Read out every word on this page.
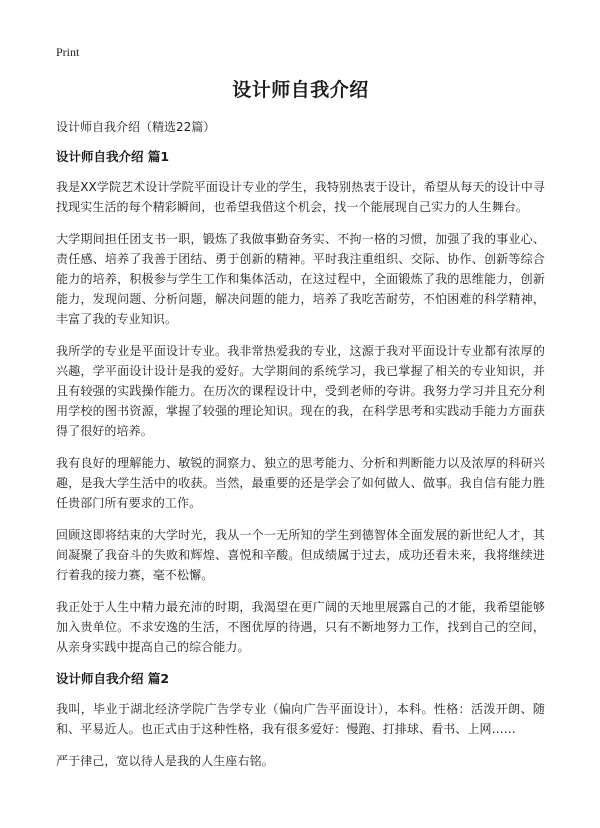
Print
设计师自我介绍
设计师自我介绍（精选22篇）
设计师自我介绍 篇1

我是XX学院艺术设计学院平面设计专业的学生，我特别热衷于设计，希望从每天的设计中寻找现实生活的每个精彩瞬间，也希望我借这个机会，找一个能展现自己实力的人生舞台。

大学期间担任团支书一职，锻炼了我做事勤奋务实、不拘一格的习惯，加强了我的事业心、责任感、培养了我善于团结、勇于创新的精神。平时我注重组织、交际、协作、创新等综合能力的培养，积极参与学生工作和集体活动，在这过程中，全面锻炼了我的思维能力，创新能力，发现问题、分析问题，解决问题的能力，培养了我吃苦耐劳，不怕困难的科学精神，丰富了我的专业知识。

我所学的专业是平面设计专业。我非常热爱我的专业，这源于我对平面设计专业都有浓厚的兴趣，学平面设计设计是我的爱好。大学期间的系统学习，我已掌握了相关的专业知识，并且有较强的实践操作能力。在历次的课程设计中，受到老师的夸讲。我努力学习并且充分利用学校的图书资源，掌握了较强的理论知识。现在的我，在科学思考和实践动手能力方面获得了很好的培养。

我有良好的理解能力、敏锐的洞察力、独立的思考能力、分析和判断能力以及浓厚的科研兴趣，是我大学生活中的收获。当然，最重要的还是学会了如何做人、做事。我自信有能力胜任贵部门所有要求的工作。

回顾这即将结束的大学时光，我从一个一无所知的学生到德智体全面发展的新世纪人才，其间凝聚了我奋斗的失败和辉煌、喜悦和辛酸。但成绩属于过去，成功还看未来，我将继续进行着我的接力赛，毫不松懈。

我正处于人生中精力最充沛的时期，我渴望在更广阔的天地里展露自己的才能，我希望能够加入贵单位。不求安逸的生活，不图优厚的待遇，只有不断地努力工作，找到自己的空间，从亲身实践中提高自己的综合能力。

设计师自我介绍 篇2

我叫，毕业于湖北经济学院广告学专业（偏向广告平面设计），本科。性格：活泼开朗、随和、平易近人。也正式由于这种性格，我有很多爱好：慢跑、打排球、看书、上网……

严于律己，宽以待人是我的人生座右铭。
